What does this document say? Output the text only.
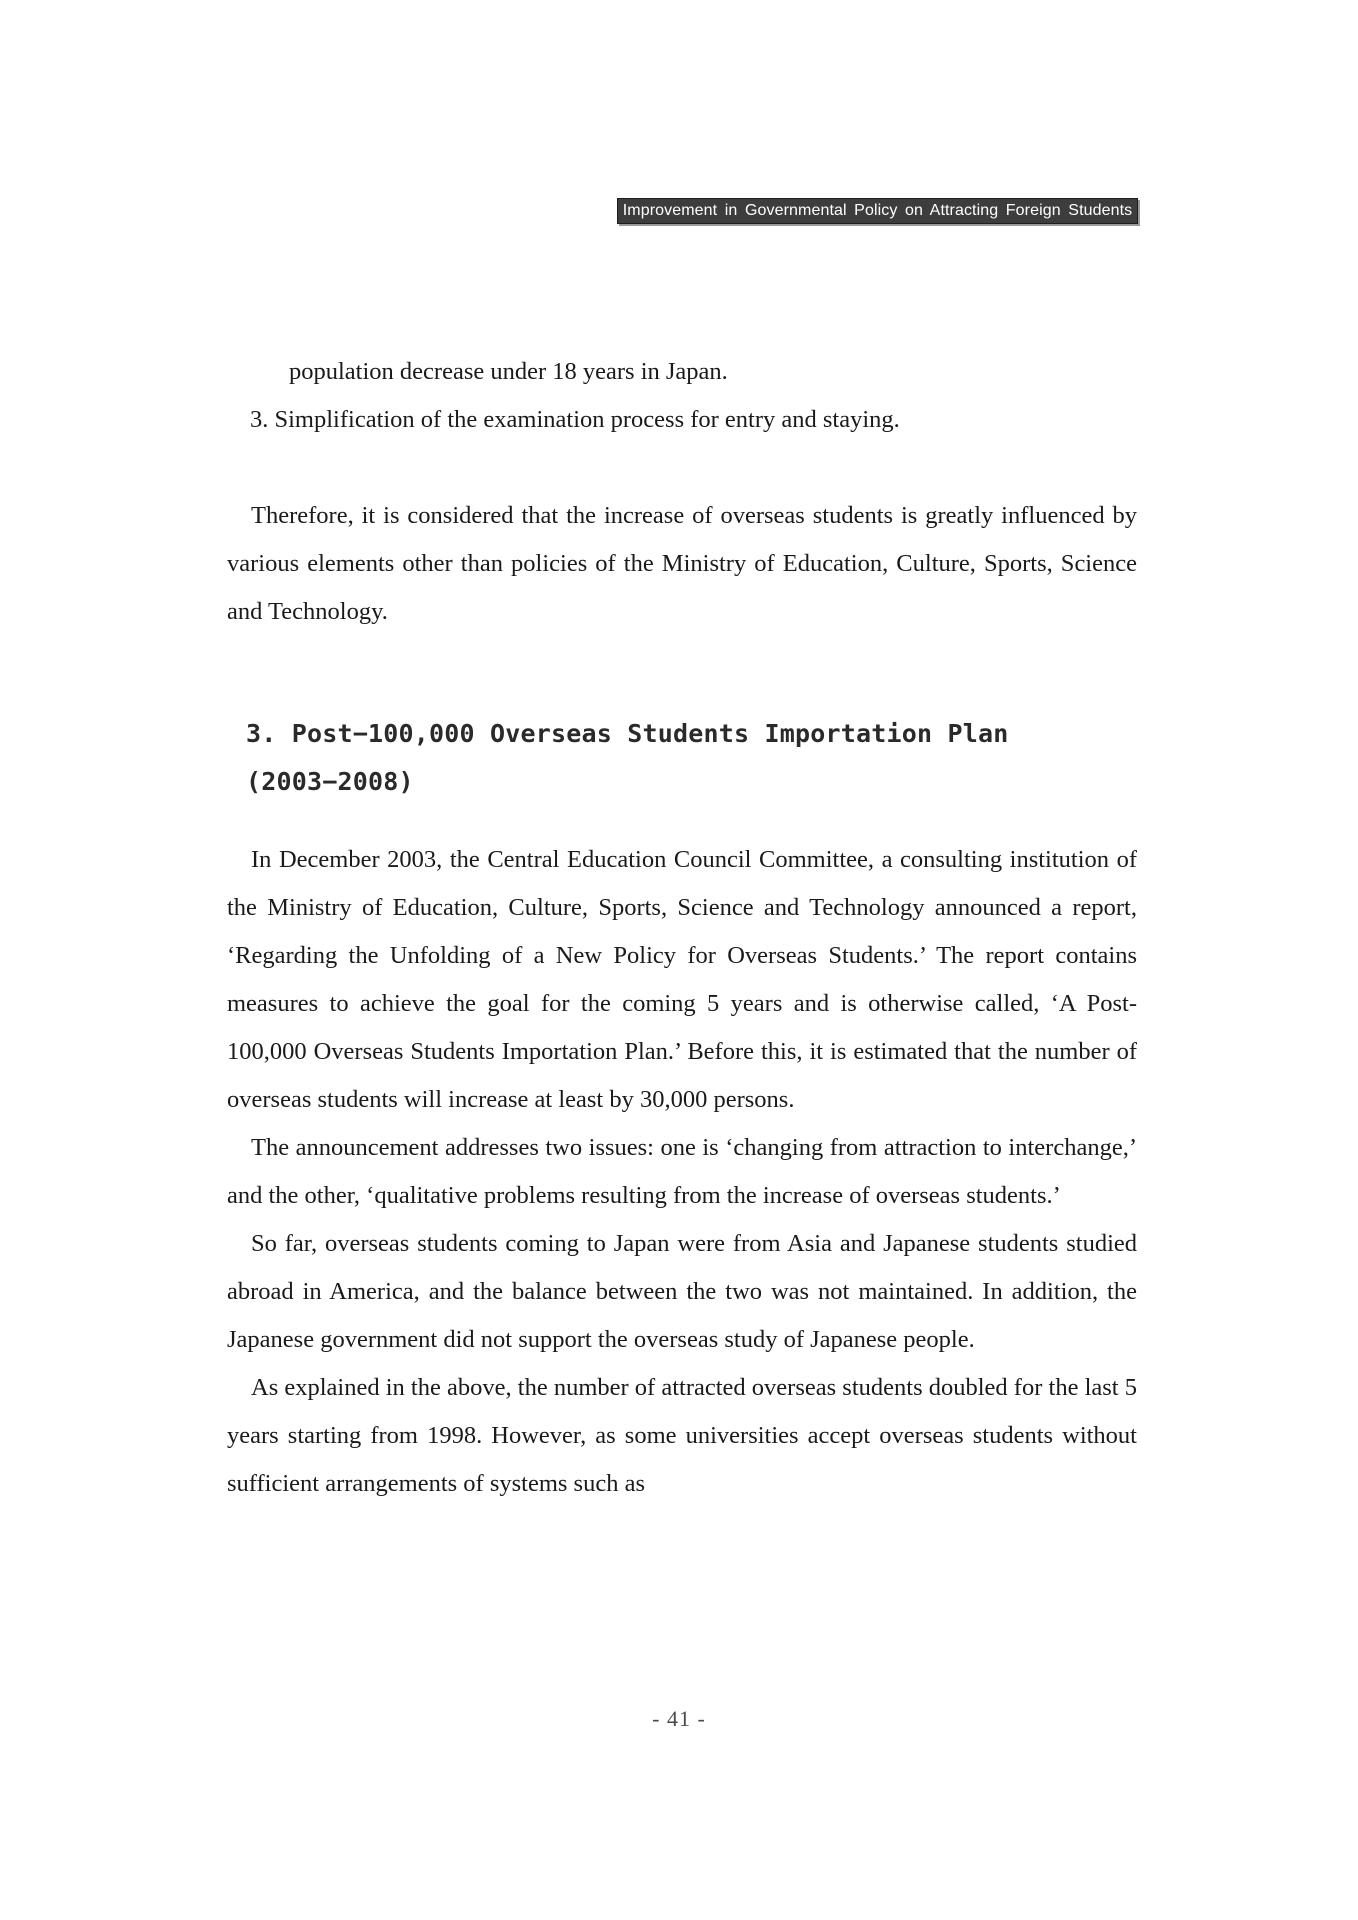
Improvement in Governmental Policy on Attracting Foreign Students

population decrease under 18 years in Japan.

3. Simplification of the examination process for entry and staying.

Therefore, it is considered that the increase of overseas students is greatly influenced by various elements other than policies of the Ministry of Education, Culture, Sports, Science and Technology.

3. Post−100,000 Overseas Students Importation Plan (2003−2008)

In December 2003, the Central Education Council Committee, a consulting institution of the Ministry of Education, Culture, Sports, Science and Technology announced a report, ‘Regarding the Unfolding of a New Policy for Overseas Students.’ The report contains measures to achieve the goal for the coming 5 years and is otherwise called, ‘A Post-100,000 Overseas Students Importation Plan.’ Before this, it is estimated that the number of overseas students will increase at least by 30,000 persons.

The announcement addresses two issues: one is ‘changing from attraction to interchange,’ and the other, ‘qualitative problems resulting from the increase of overseas students.’

So far, overseas students coming to Japan were from Asia and Japanese students studied abroad in America, and the balance between the two was not maintained. In addition, the Japanese government did not support the overseas study of Japanese people.

As explained in the above, the number of attracted overseas students doubled for the last 5 years starting from 1998. However, as some universities accept overseas students without sufficient arrangements of systems such as

- 41 -
